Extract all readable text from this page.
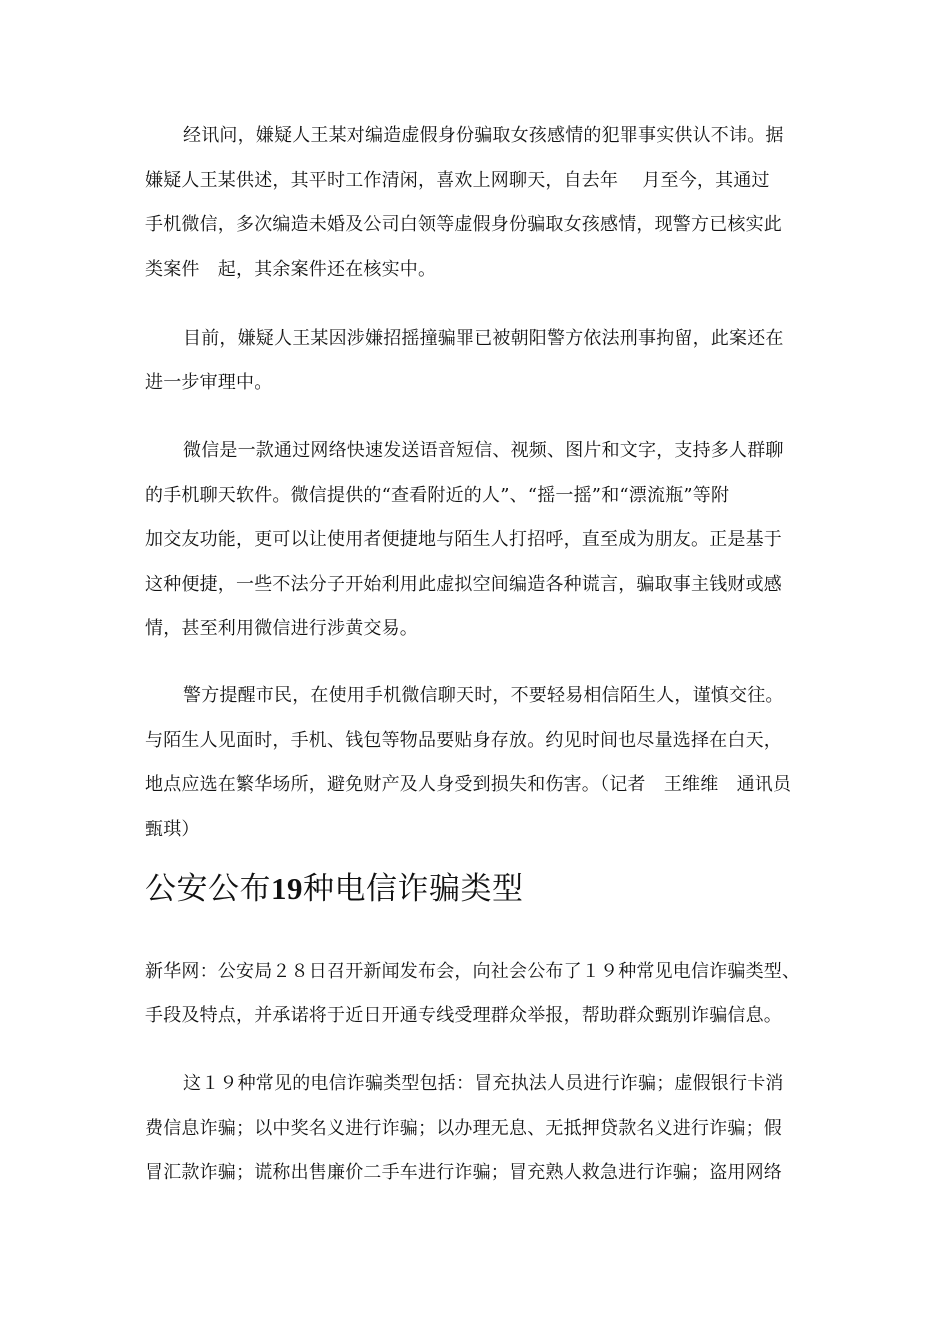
经讯问，嫌疑人王某对编造虚假身份骗取女孩感情的犯罪事实供认不讳。据
嫌疑人王某供述，其平时工作清闲，喜欢上网聊天，自去年　 月至今，其通过
手机微信，多次编造未婚及公司白领等虚假身份骗取女孩感情，现警方已核实此
类案件　起，其余案件还在核实中。
目前，嫌疑人王某因涉嫌招摇撞骗罪已被朝阳警方依法刑事拘留，此案还在
进一步审理中。
微信是一款通过网络快速发送语音短信、视频、图片和文字，支持多人群聊
的手机聊天软件。微信提供的“查看附近的人”、“摇一摇”和“漂流瓶”等附
加交友功能，更可以让使用者便捷地与陌生人打招呼，直至成为朋友。正是基于
这种便捷，一些不法分子开始利用此虚拟空间编造各种谎言，骗取事主钱财或感
情，甚至利用微信进行涉黄交易。
警方提醒市民，在使用手机微信聊天时，不要轻易相信陌生人，谨慎交往。
与陌生人见面时，手机、钱包等物品要贴身存放。约见时间也尽量选择在白天，
地点应选在繁华场所，避免财产及人身受到损失和伤害。（记者　王维维　通讯员
甄琪）
公安公布19种电信诈骗类型
新华网：公安局２８日召开新闻发布会，向社会公布了１９种常见电信诈骗类型、
手段及特点，并承诺将于近日开通专线受理群众举报，帮助群众甄别诈骗信息。
这１９种常见的电信诈骗类型包括：冒充执法人员进行诈骗；虚假银行卡消
费信息诈骗；以中奖名义进行诈骗；以办理无息、无抵押贷款名义进行诈骗；假
冒汇款诈骗；谎称出售廉价二手车进行诈骗；冒充熟人救急进行诈骗；盗用网络
